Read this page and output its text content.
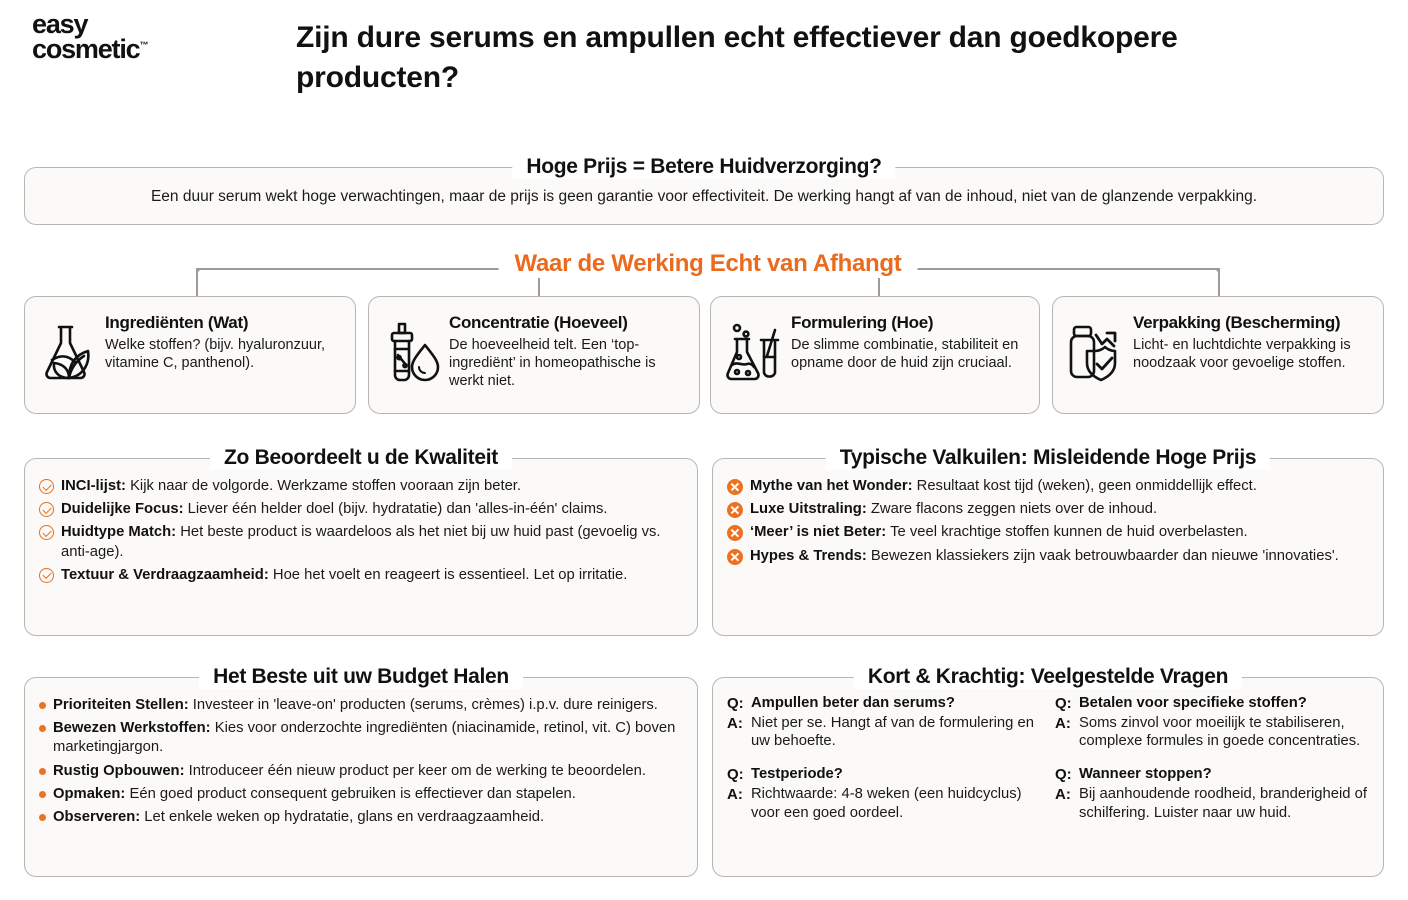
easy
cosmetic™	Zijn dure serums en ampullen echt effectiever dan goedkopere producten?
Hoge Prijs = Betere Huidverzorging?
Een duur serum wekt hoge verwachtingen, maar de prijs is geen garantie voor effectiviteit. De werking hangt af van de inhoud, niet van de glanzende verpakking.
Waar de Werking Echt van Afhangt
Ingrediënten (Wat)
Welke stoffen? (bijv. hyaluronzuur, vitamine C, panthenol).
Concentratie (Hoeveel)
De hoeveelheid telt. Een ‘top-ingrediënt’ in homeopathische is werkt niet.
Formulering (Hoe)
De slimme combinatie, stabiliteit en opname door de huid zijn cruciaal.
Verpakking (Bescherming)
Licht- en luchtdichte verpakking is noodzaak voor gevoelige stoffen.
Zo Beoordeelt u de Kwaliteit
INCI-lijst: Kijk naar de volgorde. Werkzame stoffen vooraan zijn beter.
Duidelijke Focus: Liever één helder doel (bijv. hydratatie) dan 'alles-in-één' claims.
Huidtype Match: Het beste product is waardeloos als het niet bij uw huid past (gevoelig vs. anti-age).
Textuur & Verdraagzaamheid: Hoe het voelt en reageert is essentieel. Let op irritatie.
Typische Valkuilen: Misleidende Hoge Prijs
Mythe van het Wonder: Resultaat kost tijd (weken), geen onmiddellijk effect.
Luxe Uitstraling: Zware flacons zeggen niets over de inhoud.
‘Meer’ is niet Beter: Te veel krachtige stoffen kunnen de huid overbelasten.
Hypes & Trends: Bewezen klassiekers zijn vaak betrouwbaarder dan nieuwe 'innovaties'.
Het Beste uit uw Budget Halen
Prioriteiten Stellen: Investeer in 'leave-on' producten (serums, crèmes) i.p.v. dure reinigers.
Bewezen Werkstoffen: Kies voor onderzochte ingrediënten (niacinamide, retinol, vit. C) boven marketingjargon.
Rustig Opbouwen: Introduceer één nieuw product per keer om de werking te beoordelen.
Opmaken: Eén goed product consequent gebruiken is effectiever dan stapelen.
Observeren: Let enkele weken op hydratatie, glans en verdraagzaamheid.
Kort & Krachtig: Veelgestelde Vragen
Q: Ampullen beter dan serums?
A: Niet per se. Hangt af van de formulering en uw behoefte.
Q: Testperiode?
A: Richtwaarde: 4-8 weken (een huidcyclus) voor een goed oordeel.
Q: Betalen voor specifieke stoffen?
A: Soms zinvol voor moeilijk te stabiliseren, complexe formules in goede concentraties.
Q: Wanneer stoppen?
A: Bij aanhoudende roodheid, branderigheid of schilfering. Luister naar uw huid.
